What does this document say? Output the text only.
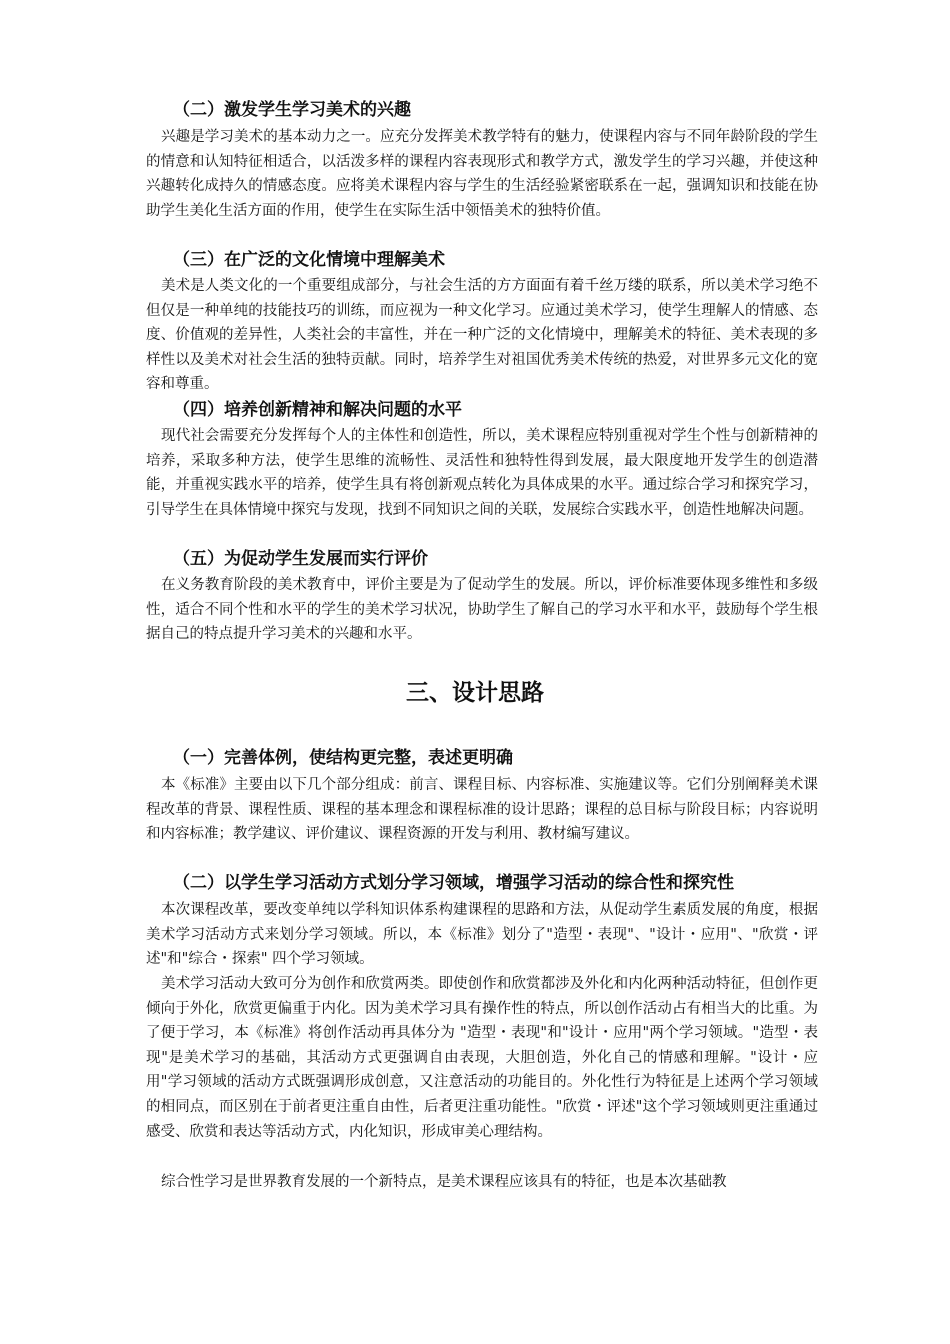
（二）激发学生学习美术的兴趣

兴趣是学习美术的基本动力之一。应充分发挥美术教学特有的魅力，使课程内容与不同年龄阶段的学生的情意和认知特征相适合，以活泼多样的课程内容表现形式和教学方式，激发学生的学习兴趣，并使这种兴趣转化成持久的情感态度。应将美术课程内容与学生的生活经验紧密联系在一起，强调知识和技能在协助学生美化生活方面的作用，使学生在实际生活中领悟美术的独特价值。

（三）在广泛的文化情境中理解美术

美术是人类文化的一个重要组成部分，与社会生活的方方面面有着千丝万缕的联系，所以美术学习绝不但仅是一种单纯的技能技巧的训练，而应视为一种文化学习。应通过美术学习，使学生理解人的情感、态度、价值观的差异性，人类社会的丰富性，并在一种广泛的文化情境中，理解美术的特征、美术表现的多样性以及美术对社会生活的独特贡献。同时，培养学生对祖国优秀美术传统的热爱，对世界多元文化的宽容和尊重。

（四）培养创新精神和解决问题的水平

现代社会需要充分发挥每个人的主体性和创造性，所以，美术课程应特别重视对学生个性与创新精神的培养，采取多种方法，使学生思维的流畅性、灵活性和独特性得到发展，最大限度地开发学生的创造潜能，并重视实践水平的培养，使学生具有将创新观点转化为具体成果的水平。通过综合学习和探究学习，引导学生在具体情境中探究与发现，找到不同知识之间的关联，发展综合实践水平，创造性地解决问题。

（五）为促动学生发展而实行评价

在义务教育阶段的美术教育中，评价主要是为了促动学生的发展。所以，评价标准要体现多维性和多级性，适合不同个性和水平的学生的美术学习状况，协助学生了解自己的学习水平和水平，鼓励每个学生根据自己的特点提升学习美术的兴趣和水平。

三、设计思路
（一）完善体例，使结构更完整，表述更明确

本《标准》主要由以下几个部分组成：前言、课程目标、内容标准、实施建议等。它们分别阐释美术课程改革的背景、课程性质、课程的基本理念和课程标准的设计思路；课程的总目标与阶段目标；内容说明和内容标准；教学建议、评价建议、课程资源的开发与利用、教材编写建议。

（二）以学生学习活动方式划分学习领域，增强学习活动的综合性和探究性

本次课程改革，要改变单纯以学科知识体系构建课程的思路和方法，从促动学生素质发展的角度，根据美术学习活动方式来划分学习领域。所以，本《标准》划分了"造型・表现"、"设计・应用"、"欣赏・评述"和"综合・探索" 四个学习领域。

美术学习活动大致可分为创作和欣赏两类。即使创作和欣赏都涉及外化和内化两种活动特征，但创作更倾向于外化，欣赏更偏重于内化。因为美术学习具有操作性的特点，所以创作活动占有相当大的比重。为了便于学习，本《标准》将创作活动再具体分为 "造型・表现"和"设计・应用"两个学习领域。"造型・表现"是美术学习的基础，其活动方式更强调自由表现，大胆创造，外化自己的情感和理解。"设计・应用"学习领域的活动方式既强调形成创意，又注意活动的功能目的。外化性行为特征是上述两个学习领域的相同点，而区别在于前者更注重自由性，后者更注重功能性。"欣赏・评述"这个学习领域则更注重通过感受、欣赏和表达等活动方式，内化知识，形成审美心理结构。

综合性学习是世界教育发展的一个新特点，是美术课程应该具有的特征，也是本次基础教
